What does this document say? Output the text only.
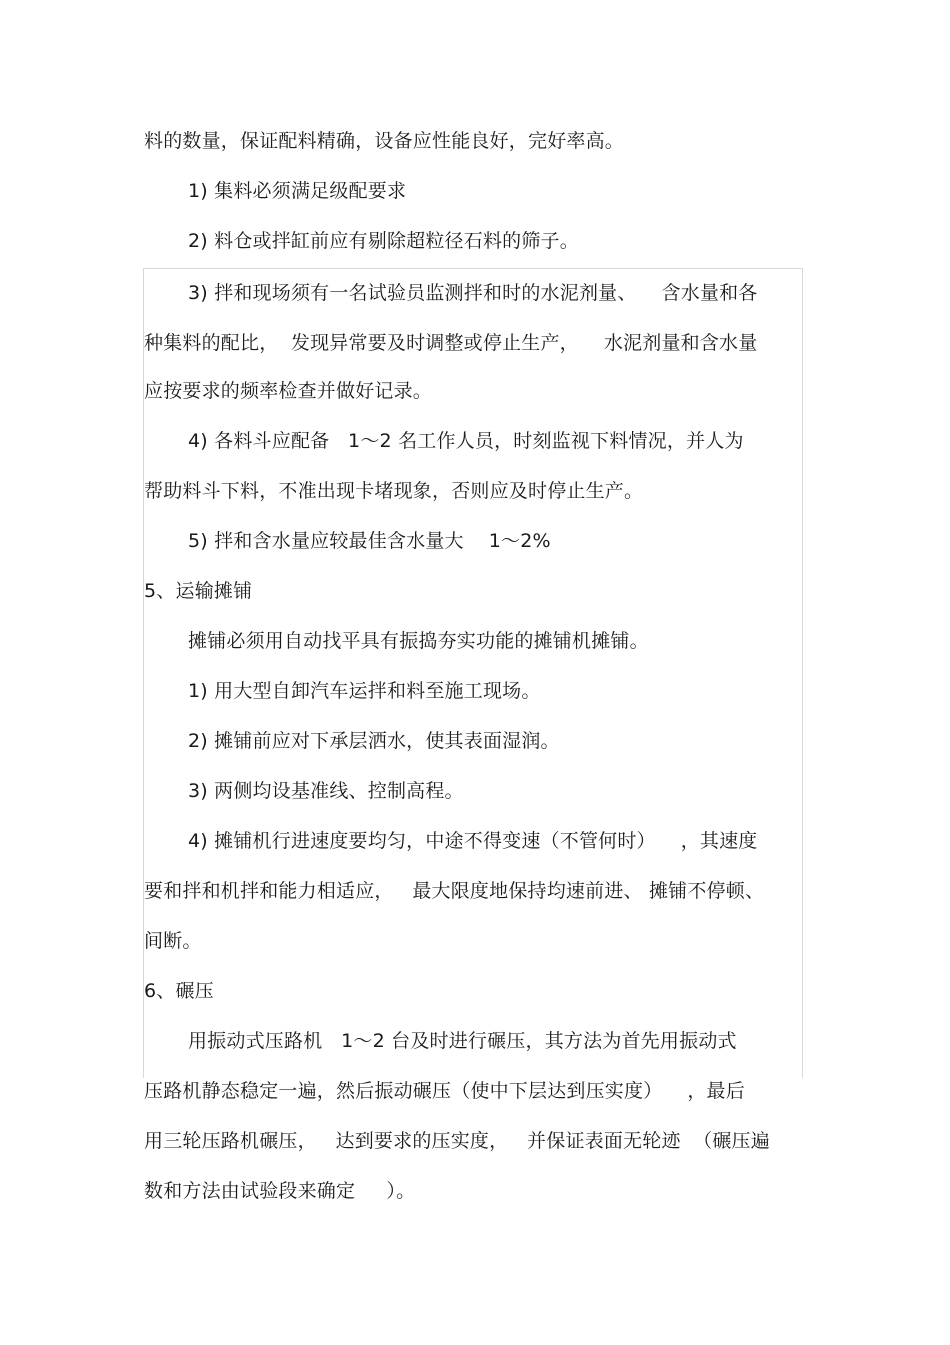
料的数量，保证配料精确，设备应性能良好，完好率高。
1) 集料必须满足级配要求
2) 料仓或拌缸前应有剔除超粒径石料的筛子。
3) 拌和现场须有一名试验员监测拌和时的水泥剂量、    含水量和各
种集料的配比，  发现异常要及时调整或停止生产，    水泥剂量和含水量
应按要求的频率检查并做好记录。
4) 各料斗应配备   1～2 名工作人员，时刻监视下料情况，并人为
帮助料斗下料，不准出现卡堵现象，否则应及时停止生产。
5) 拌和含水量应较最佳含水量大    1～2%
5、运输摊铺
摊铺必须用自动找平具有振捣夯实功能的摊铺机摊铺。
1) 用大型自卸汽车运拌和料至施工现场。
2) 摊铺前应对下承层洒水，使其表面湿润。
3) 两侧均设基准线、控制高程。
4) 摊铺机行进速度要均匀，中途不得变速（不管何时）    ，其速度
要和拌和机拌和能力相适应，   最大限度地保持均速前进、 摊铺不停顿、
间断。
6、碾压
用振动式压路机   1～2 台及时进行碾压，其方法为首先用振动式
压路机静态稳定一遍，然后振动碾压（使中下层达到压实度）    ，最后
用三轮压路机碾压，   达到要求的压实度，   并保证表面无轮迹  （碾压遍
数和方法由试验段来确定     ）。
